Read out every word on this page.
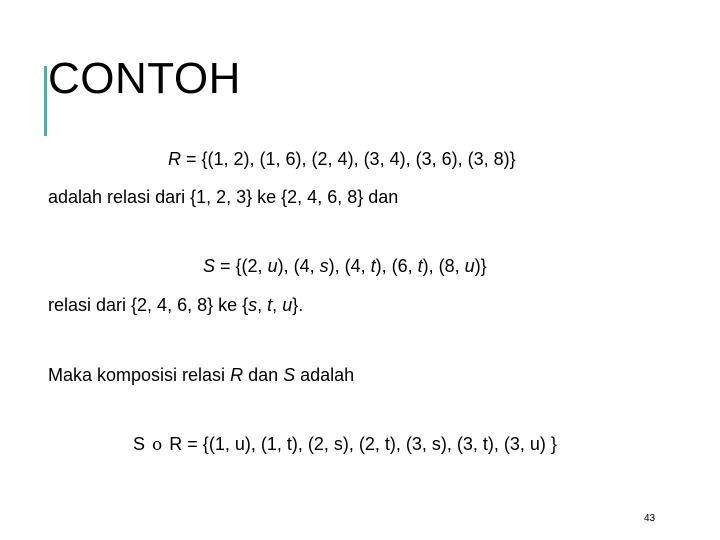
CONTOH
R = {(1, 2), (1, 6), (2, 4), (3, 4), (3, 6), (3, 8)}
adalah relasi dari {1, 2, 3} ke {2, 4, 6, 8} dan
S = {(2, u), (4, s), (4, t), (6, t), (8, u)}
relasi dari {2, 4, 6, 8} ke {s, t, u}.
Maka komposisi relasi R dan S adalah
S ο R = {(1, u), (1, t), (2, s), (2, t), (3, s), (3, t), (3, u) }
43
